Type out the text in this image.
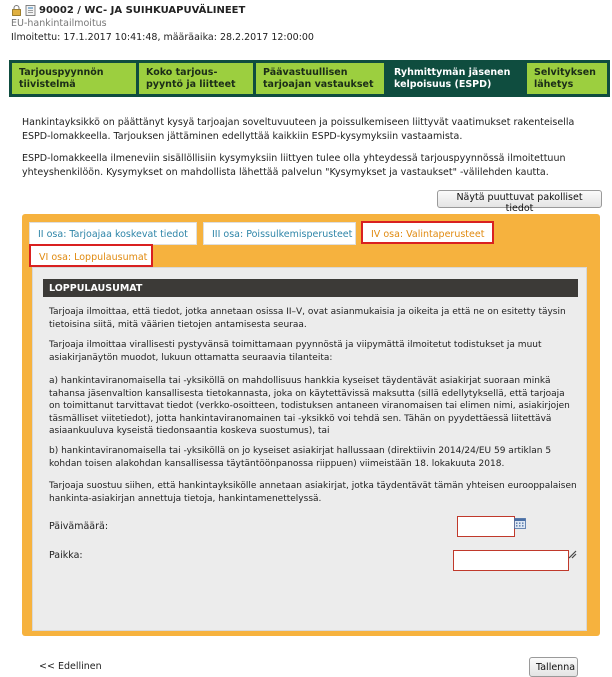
90002 / WC- JA SUIHKUAPUVÄLINEET
EU-hankintailmoitus
Ilmoitettu: 17.1.2017 10:41:48, määräaika: 28.2.2017 12:00:00
Tarjouspyynnön
tiivistelmä
Koko tarjous-
pyyntö ja liitteet
Päävastuullisen
tarjoajan vastaukset
Ryhmittymän jäsenen
kelpoisuus (ESPD)
Selvityksen
lähetys
Hankintayksikkö on päättänyt kysyä tarjoajan soveltuvuuteen ja poissulkemiseen liittyvät vaatimukset rakenteisella ESPD-lomakkeella. Tarjouksen jättäminen edellyttää kaikkiin ESPD-kysymyksiin vastaamista.
ESPD-lomakkeella ilmeneviin sisällöllisiin kysymyksiin liittyen tulee olla yhteydessä tarjouspyynnössä ilmoitettuun yhteyshenkilöön. Kysymykset on mahdollista lähettää palvelun "Kysymykset ja vastaukset" -välilehden kautta.
Näytä puuttuvat pakolliset tiedot
II osa: Tarjoajaa koskevat tiedot	III osa: Poissulkemisperusteet	IV osa: Valintaperusteet
VI osa: Loppulausumat
LOPPULAUSUMAT
Tarjoaja ilmoittaa, että tiedot, jotka annetaan osissa II–V, ovat asianmukaisia ja oikeita ja että ne on esitetty täysin tietoisina siitä, mitä väärien tietojen antamisesta seuraa.
Tarjoaja ilmoittaa virallisesti pystyvänsä toimittamaan pyynnöstä ja viipymättä ilmoitetut todistukset ja muut asiakirjanäytön muodot, lukuun ottamatta seuraavia tilanteita:
a) hankintaviranomaisella tai -yksiköllä on mahdollisuus hankkia kyseiset täydentävät asiakirjat suoraan minkä tahansa jäsenvaltion kansallisesta tietokannasta, joka on käytettävissä maksutta (sillä edellytyksellä, että tarjoaja on toimittanut tarvittavat tiedot (verkko-osoitteen, todistuksen antaneen viranomaisen tai elimen nimi, asiakirjojen täsmälliset viitetiedot), jotta hankintaviranomainen tai -yksikkö voi tehdä sen. Tähän on pyydettäessä liitettävä asiaankuuluva kyseistä tiedonsaantia koskeva suostumus), tai
b) hankintaviranomaisella tai -yksiköllä on jo kyseiset asiakirjat hallussaan (direktiivin 2014/24/EU 59 artiklan 5 kohdan toisen alakohdan kansallisessa täytäntöönpanossa riippuen) viimeistään 18. lokakuuta 2018.
Tarjoaja suostuu siihen, että hankintayksikölle annetaan asiakirjat, jotka täydentävät tämän yhteisen eurooppalaisen hankinta-asiakirjan annettuja tietoja, hankintamenettelyssä.
Päivämäärä:
Paikka:
<< Edellinen	Tallenna
